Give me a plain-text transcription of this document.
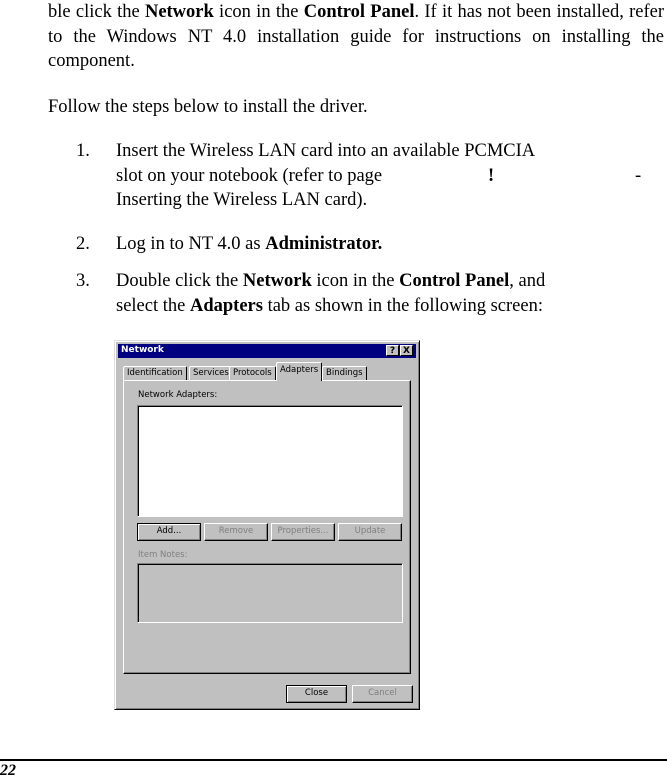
ble click the Network icon in the Control Panel. If it has not been installed, refer to the Windows NT 4.0 installation guide for instructions on installing the component.

Follow the steps below to install the driver.

1. Insert the Wireless LAN card into an available PCMCIA
slot on your notebook (refer to page	!	-
Inserting the Wireless LAN card).
2. Log in to NT 4.0 as Administrator.
3. Double click the Network icon in the Control Panel, and
select the Adapters tab as shown in the following screen:
Network	? X
Identification	Services Protocols Adapters Bindings
Network Adapters:
Add...	Remove	Properties...	Update
Item Notes:
Close	Cancel
22
